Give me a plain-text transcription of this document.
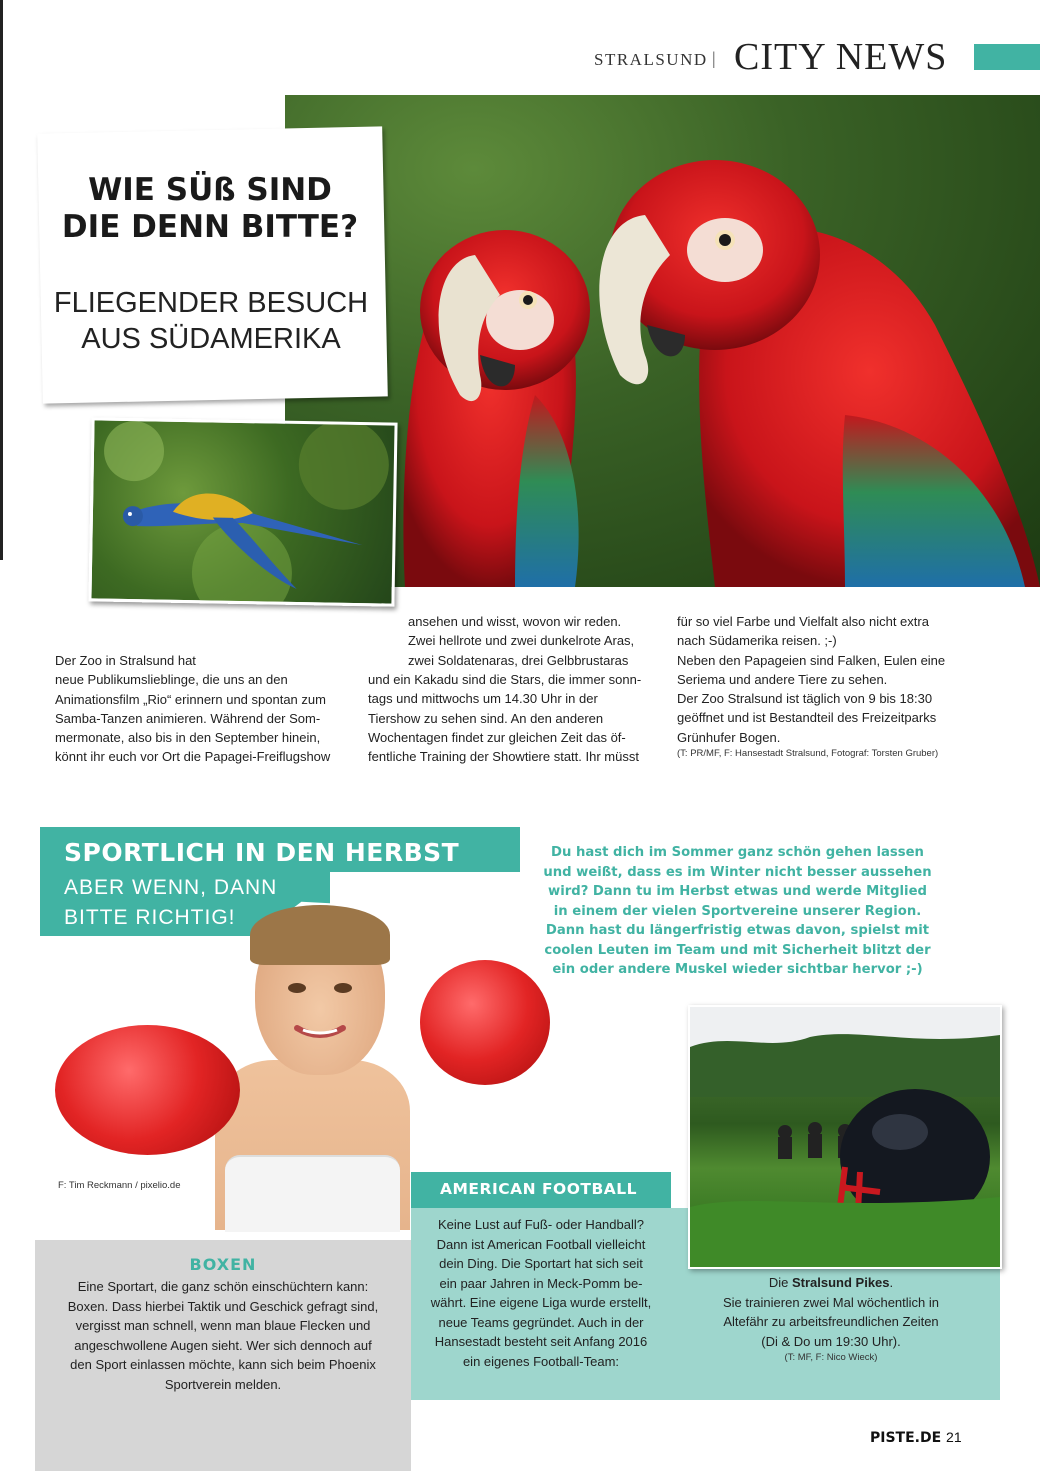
STRALSUND | CITY NEWS
WIE SÜß SIND
DIE DENN BITTE?
FLIEGENDER BESUCH
AUS SÜDAMERIKA
Der Zoo in Stralsund hat
neue Publikumslieblinge, die uns an den
Animationsfilm „Rio“ erinnern und spontan zum
Samba-Tanzen animieren. Während der Som-
mermonate, also bis in den September hinein,
könnt ihr euch vor Ort die Papagei-Freiflugshow
ansehen und wisst, wovon wir reden.
Zwei hellrote und zwei dunkelrote Aras,
zwei Soldatenaras, drei Gelbbrustaras
und ein Kakadu sind die Stars, die immer sonn-
tags und mittwochs um 14.30 Uhr in der
Tiershow zu sehen sind. An den anderen
Wochentagen findet zur gleichen Zeit das öf-
fentliche Training der Showtiere statt. Ihr müsst
für so viel Farbe und Vielfalt also nicht extra
nach Südamerika reisen. ;-)
Neben den Papageien sind Falken, Eulen eine
Seriema und andere Tiere zu sehen.
Der Zoo Stralsund ist täglich von 9 bis 18:30
geöffnet und ist Bestandteil des Freizeitparks
Grünhufer Bogen.
(T: PR/MF, F: Hansestadt Stralsund, Fotograf: Torsten Gruber)
SPORTLICH IN DEN HERBST
ABER WENN, DANN
BITTE RICHTIG!
Du hast dich im Sommer ganz schön gehen lassen
und weißt, dass es im Winter nicht besser aussehen
wird? Dann tu im Herbst etwas und werde Mitglied
in einem der vielen Sportvereine unserer Region.
Dann hast du längerfristig etwas davon, spielst mit
coolen Leuten im Team und mit Sicherheit blitzt der
ein oder andere Muskel wieder sichtbar hervor ;-)
F: Tim Reckmann / pixelio.de
BOXEN
Eine Sportart, die ganz schön einschüchtern kann:
Boxen. Dass hierbei Taktik und Geschick gefragt sind,
vergisst man schnell, wenn man blaue Flecken und
angeschwollene Augen sieht. Wer sich dennoch auf
den Sport einlassen möchte, kann sich beim Phoenix
Sportverein melden.
AMERICAN FOOTBALL
Keine Lust auf Fuß- oder Handball?
Dann ist American Football vielleicht
dein Ding. Die Sportart hat sich seit
ein paar Jahren in Meck-Pomm be-
währt. Eine eigene Liga wurde erstellt,
neue Teams gegründet. Auch in der
Hansestadt besteht seit Anfang 2016
ein eigenes Football-Team:
Die Stralsund Pikes.
Sie trainieren zwei Mal wöchentlich in
Altefähr zu arbeitsfreundlichen Zeiten
(Di & Do um 19:30 Uhr).
(T: MF, F: Nico Wieck)
PISTE.DE 21
